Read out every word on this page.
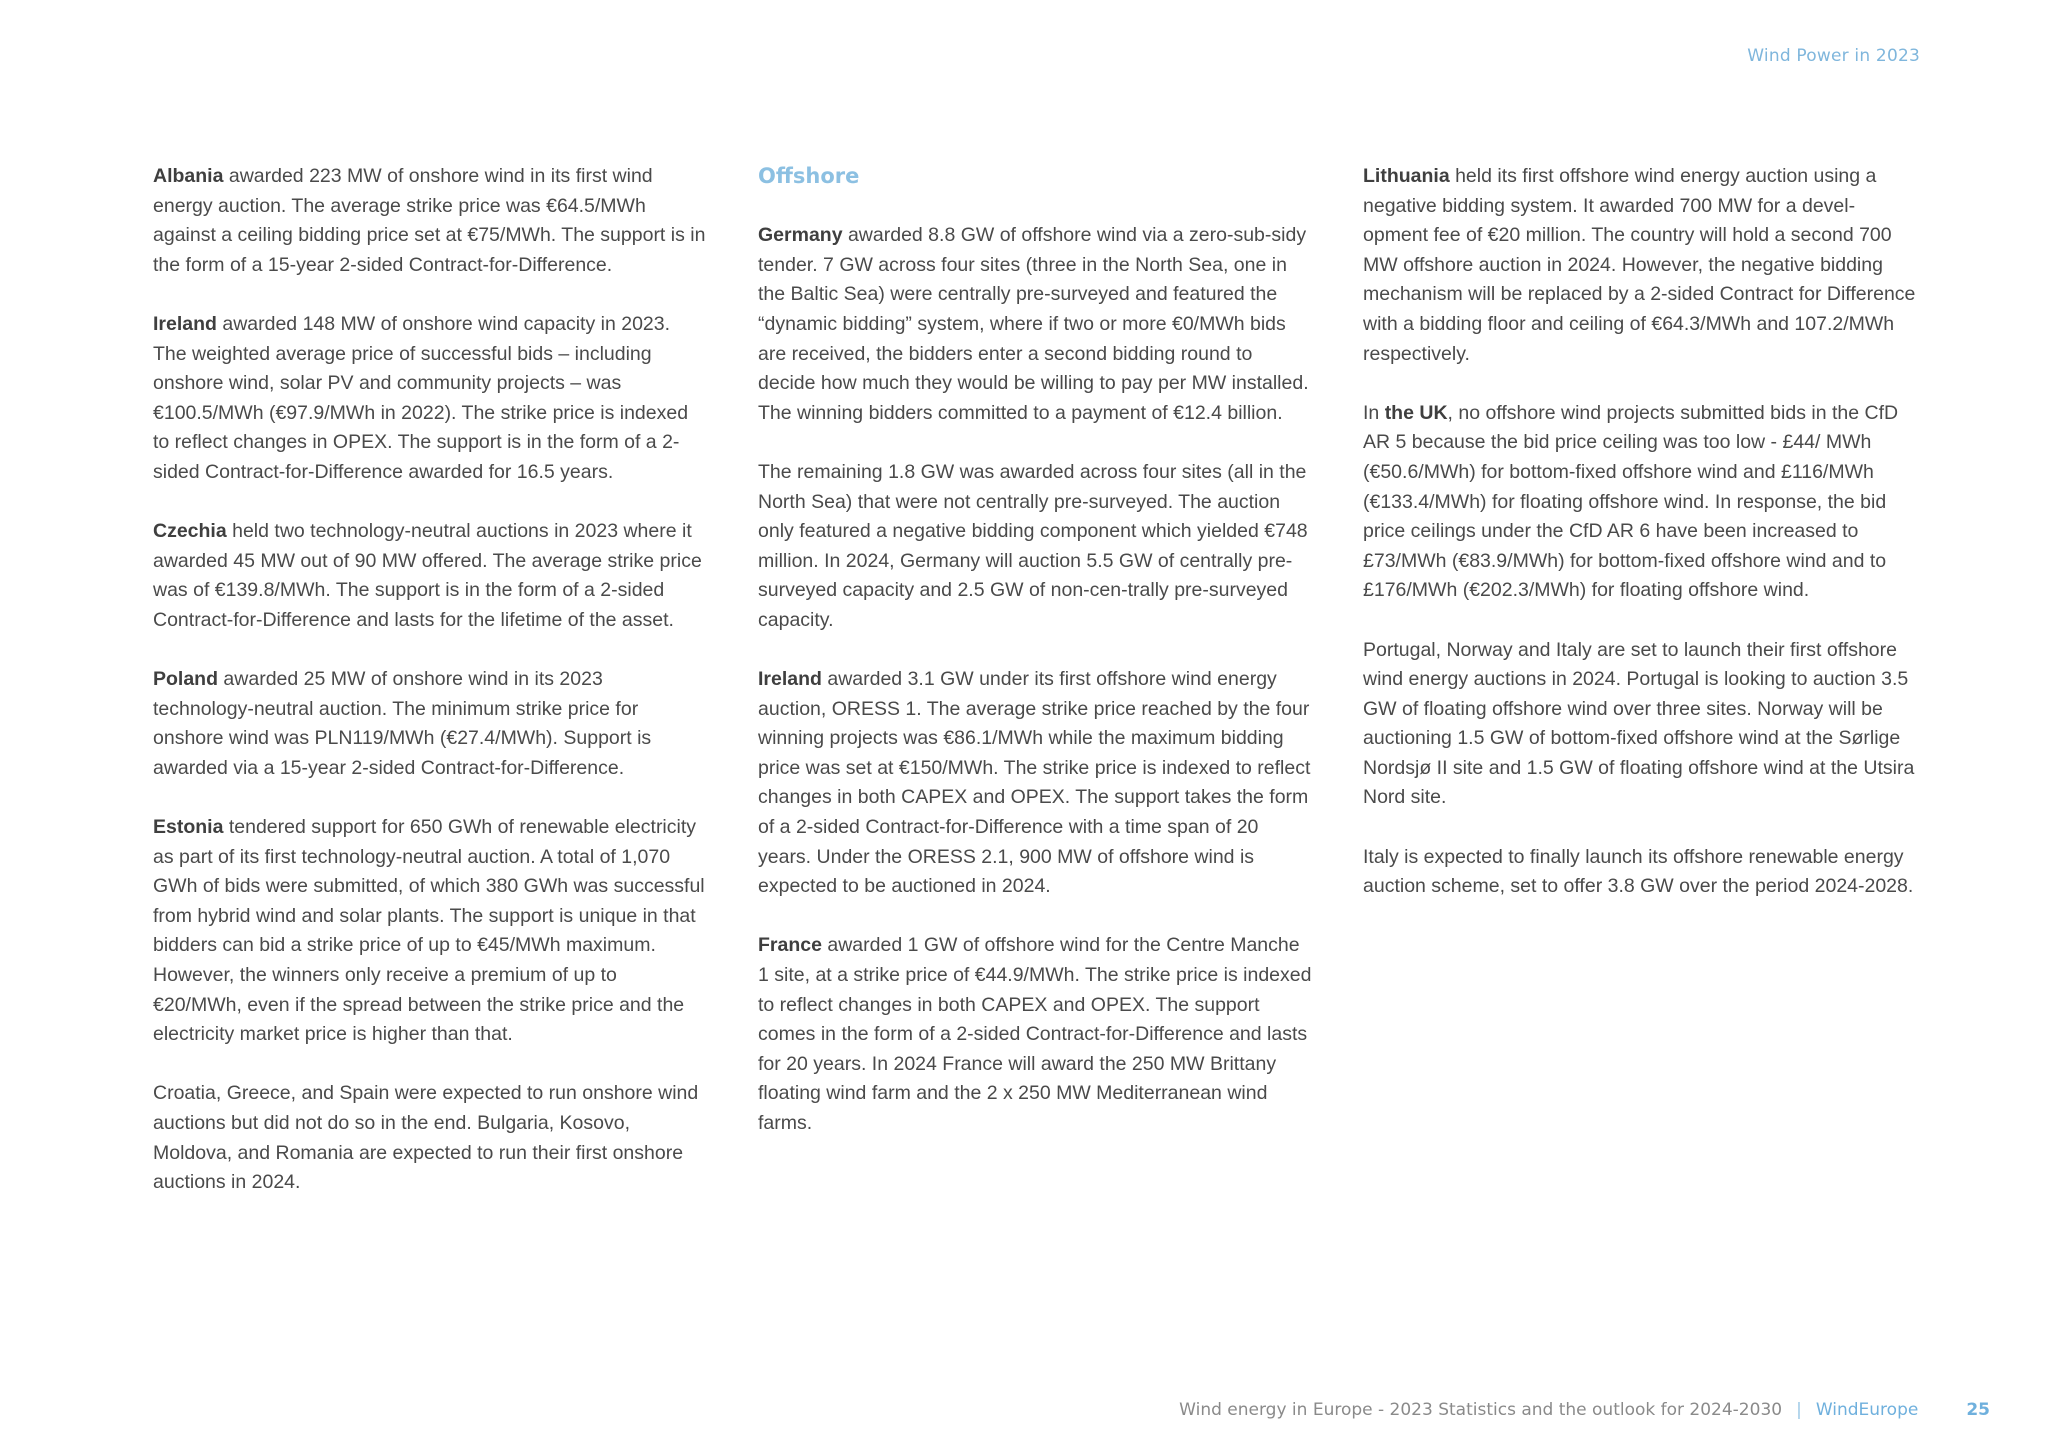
Wind Power in 2023

Albania awarded 223 MW of onshore wind in its first wind energy auction. The average strike price was €64.5/MWh against a ceiling bidding price set at €75/MWh. The support is in the form of a 15-year 2-sided Contract-for-Difference.

Ireland awarded 148 MW of onshore wind capacity in 2023. The weighted average price of successful bids – including onshore wind, solar PV and community projects – was €100.5/MWh (€97.9/MWh in 2022). The strike price is indexed to reflect changes in OPEX. The support is in the form of a 2-sided Contract-for-Difference awarded for 16.5 years.

Czechia held two technology-neutral auctions in 2023 where it awarded 45 MW out of 90 MW offered. The average strike price was of €139.8/MWh. The support is in the form of a 2-sided Contract-for-Difference and lasts for the lifetime of the asset.

Poland awarded 25 MW of onshore wind in its 2023 technology-neutral auction. The minimum strike price for onshore wind was PLN119/MWh (€27.4/MWh). Support is awarded via a 15-year 2-sided Contract-for-Difference.

Estonia tendered support for 650 GWh of renewable electricity as part of its first technology-neutral auction. A total of 1,070 GWh of bids were submitted, of which 380 GWh was successful from hybrid wind and solar plants. The support is unique in that bidders can bid a strike price of up to €45/MWh maximum. However, the winners only receive a premium of up to €20/MWh, even if the spread between the strike price and the electricity market price is higher than that.

Croatia, Greece, and Spain were expected to run onshore wind auctions but did not do so in the end. Bulgaria, Kosovo, Moldova, and Romania are expected to run their first onshore auctions in 2024.

Offshore

Germany awarded 8.8 GW of offshore wind via a zero-sub-sidy tender. 7 GW across four sites (three in the North Sea, one in the Baltic Sea) were centrally pre-surveyed and featured the “dynamic bidding” system, where if two or more €0/MWh bids are received, the bidders enter a second bidding round to decide how much they would be willing to pay per MW installed. The winning bidders committed to a payment of €12.4 billion.

The remaining 1.8 GW was awarded across four sites (all in the North Sea) that were not centrally pre-surveyed. The auction only featured a negative bidding component which yielded €748 million. In 2024, Germany will auction 5.5 GW of centrally pre-surveyed capacity and 2.5 GW of non-cen-trally pre-surveyed capacity.

Ireland awarded 3.1 GW under its first offshore wind energy auction, ORESS 1. The average strike price reached by the four winning projects was €86.1/MWh while the maximum bidding price was set at €150/MWh. The strike price is indexed to reflect changes in both CAPEX and OPEX. The support takes the form of a 2-sided Contract-for-Difference with a time span of 20 years. Under the ORESS 2.1, 900 MW of offshore wind is expected to be auctioned in 2024.

France awarded 1 GW of offshore wind for the Centre Manche 1 site, at a strike price of €44.9/MWh. The strike price is indexed to reflect changes in both CAPEX and OPEX. The support comes in the form of a 2-sided Contract-for-Difference and lasts for 20 years. In 2024 France will award the 250 MW Brittany floating wind farm and the 2 x 250 MW Mediterranean wind farms.

Lithuania held its first offshore wind energy auction using a negative bidding system. It awarded 700 MW for a devel-opment fee of €20 million. The country will hold a second 700 MW offshore auction in 2024. However, the negative bidding mechanism will be replaced by a 2-sided Contract for Difference with a bidding floor and ceiling of €64.3/MWh and 107.2/MWh respectively.

In the UK, no offshore wind projects submitted bids in the CfD AR 5 because the bid price ceiling was too low - £44/ MWh (€50.6/MWh) for bottom-fixed offshore wind and £116/MWh (€133.4/MWh) for floating offshore wind. In response, the bid price ceilings under the CfD AR 6 have been increased to £73/MWh (€83.9/MWh) for bottom-fixed offshore wind and to £176/MWh (€202.3/MWh) for floating offshore wind.

Portugal, Norway and Italy are set to launch their first offshore wind energy auctions in 2024. Portugal is looking to auction 3.5 GW of floating offshore wind over three sites. Norway will be auctioning 1.5 GW of bottom-fixed offshore wind at the Sørlige Nordsjø II site and 1.5 GW of floating offshore wind at the Utsira Nord site.

Italy is expected to finally launch its offshore renewable energy auction scheme, set to offer 3.8 GW over the period 2024-2028.

Wind energy in Europe - 2023 Statistics and the outlook for 2024-2030 | WindEurope	25
